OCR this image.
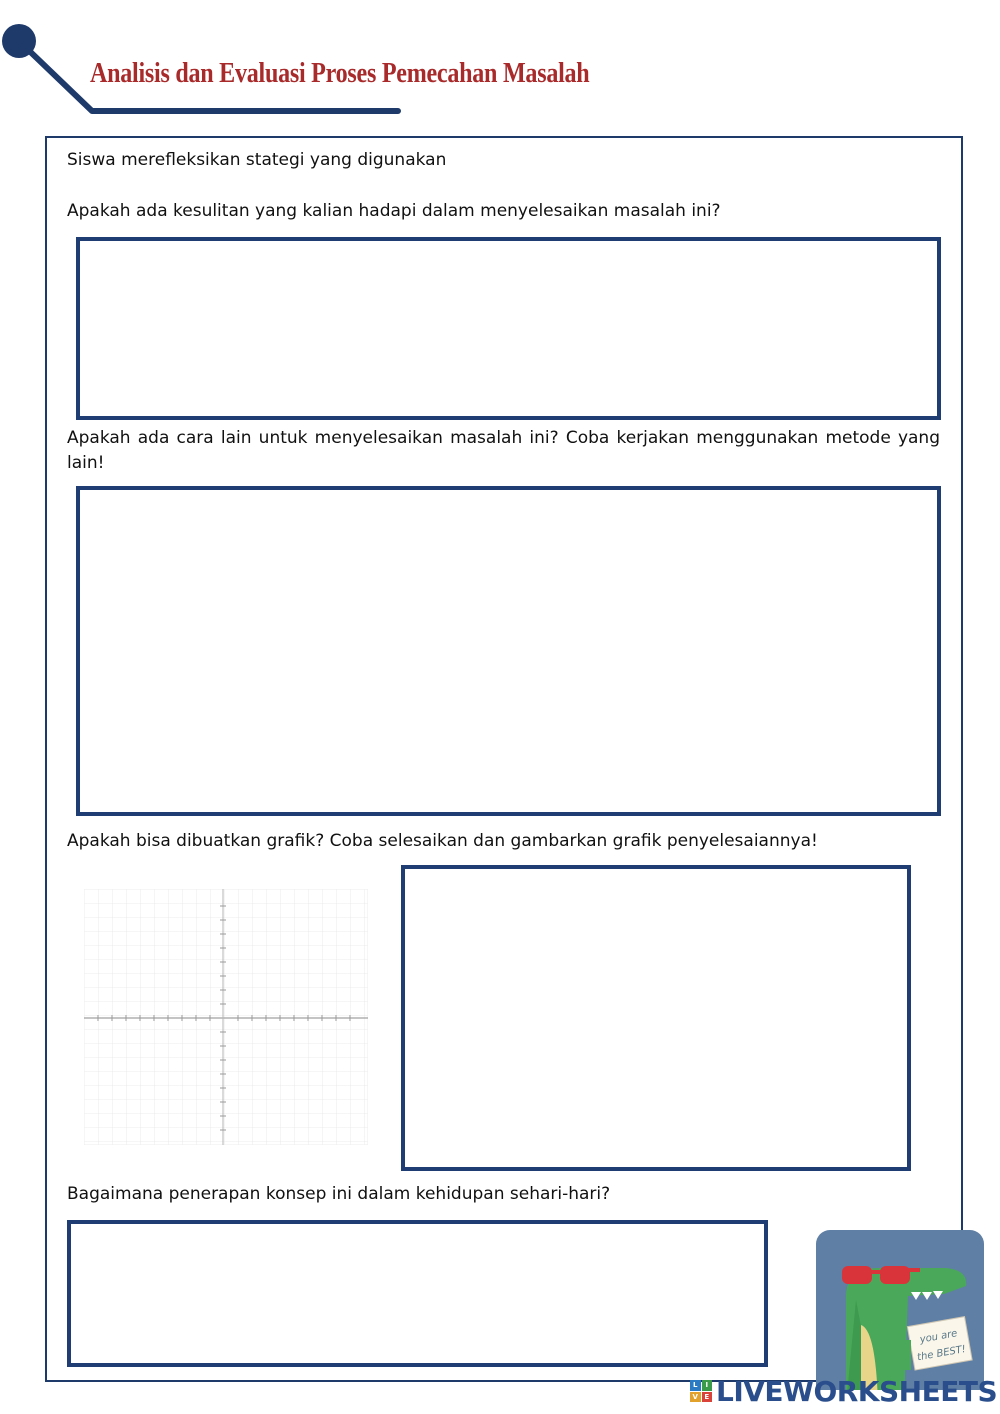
Analisis dan Evaluasi Proses Pemecahan Masalah
Siswa merefleksikan stategi yang digunakan
Apakah ada kesulitan yang kalian hadapi dalam menyelesaikan masalah ini?
Apakah ada cara lain untuk menyelesaikan masalah ini? Coba kerjakan menggunakan metode yang lain!
Apakah bisa dibuatkan grafik? Coba selesaikan dan gambarkan grafik penyelesaiannya!
Bagaimana penerapan konsep ini dalam kehidupan sehari-hari?
you are
the BEST!
L	I
V E LIVEWORKSHEETS
